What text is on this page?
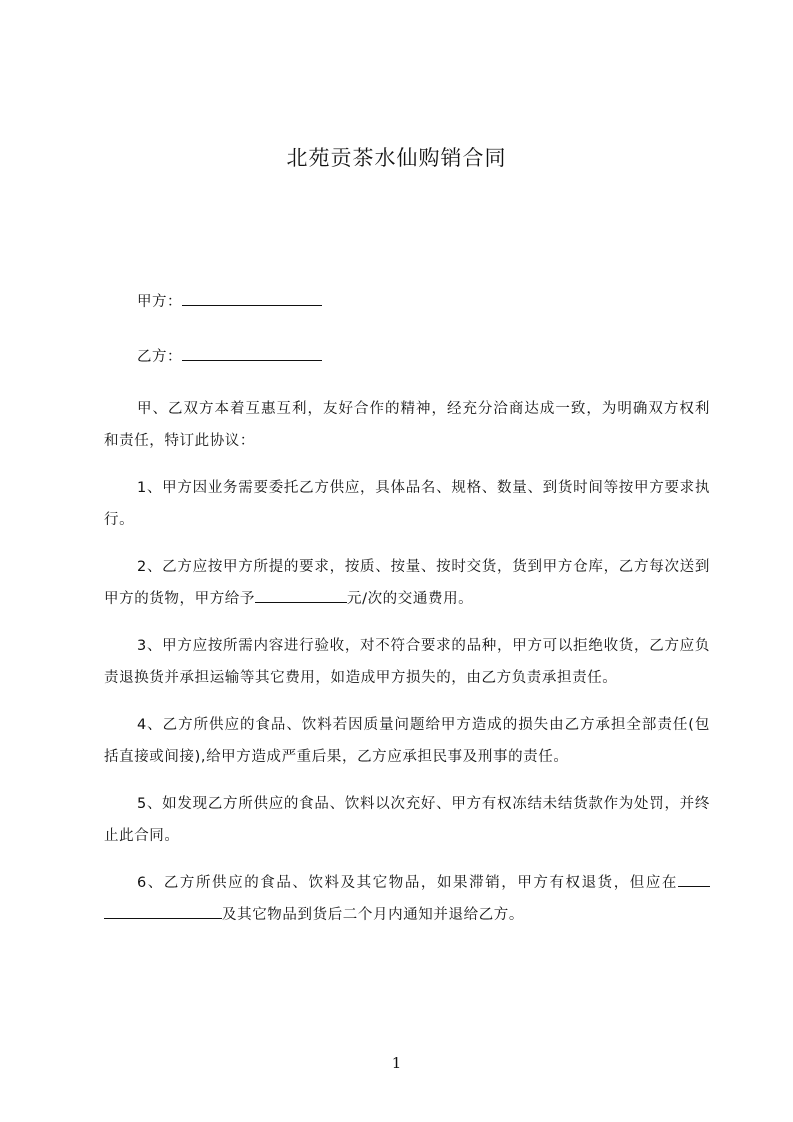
北苑贡茶水仙购销合同
甲方：
乙方：
甲、乙双方本着互惠互利，友好合作的精神，经充分洽商达成一致，为明确双方权利和责任，特订此协议：
1、甲方因业务需要委托乙方供应，具体品名、规格、数量、到货时间等按甲方要求执行。
2、乙方应按甲方所提的要求，按质、按量、按时交货，货到甲方仓库，乙方每次送到甲方的货物，甲方给予	元/次的交通费用。
3、甲方应按所需内容进行验收，对不符合要求的品种，甲方可以拒绝收货，乙方应负责退换货并承担运输等其它费用，如造成甲方损失的，由乙方负责承担责任。
4、乙方所供应的食品、饮料若因质量问题给甲方造成的损失由乙方承担全部责任(包括直接或间接),给甲方造成严重后果，乙方应承担民事及刑事的责任。
5、如发现乙方所供应的食品、饮料以次充好、甲方有权冻结未结货款作为处罚，并终止此合同。
6、乙方所供应的食品、饮料及其它物品，如果滞销，甲方有权退货，但应在及其它物品到货后二个月内通知并退给乙方。
1
